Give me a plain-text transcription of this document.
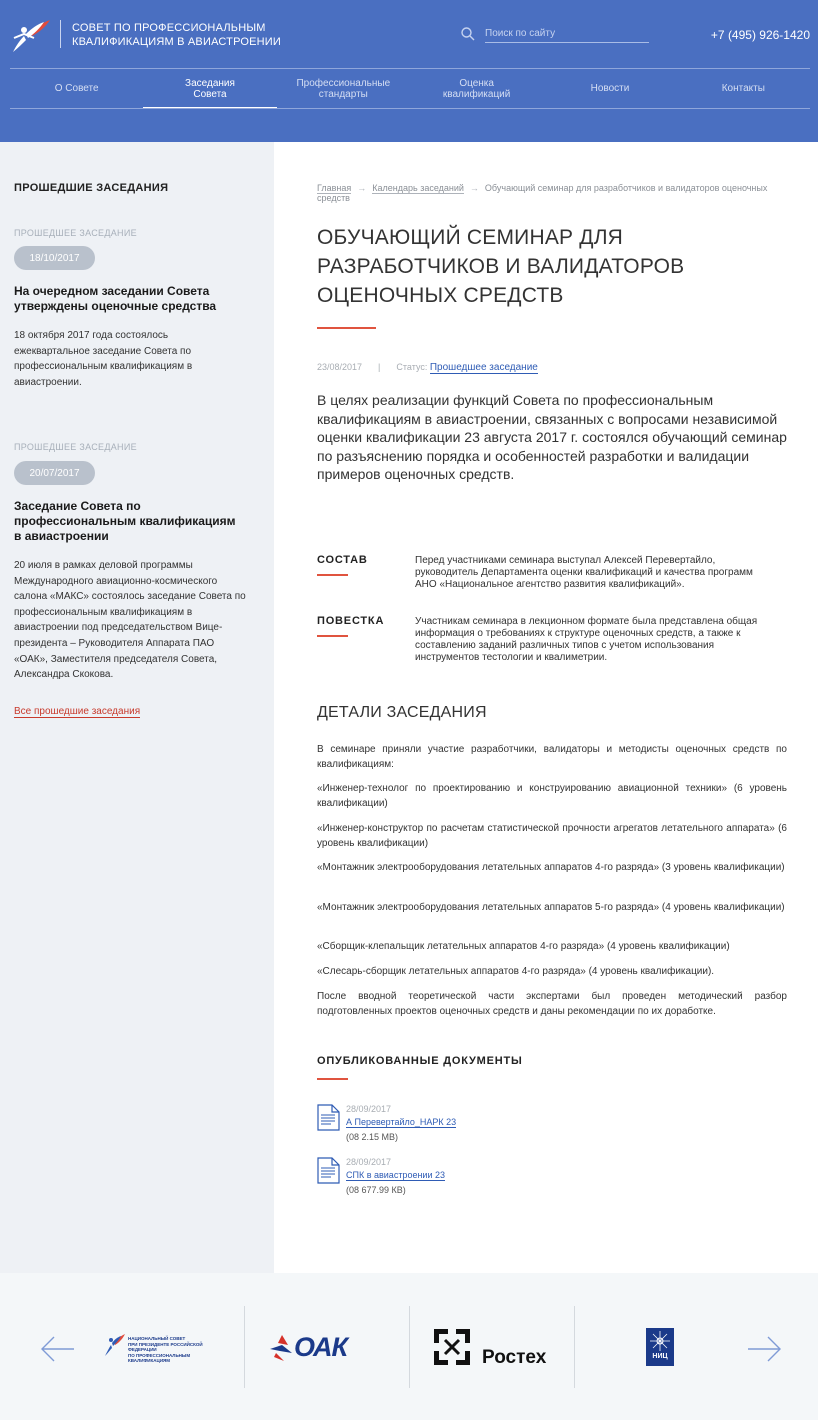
СОВЕТ ПО ПРОФЕССИОНАЛЬНЫМ
КВАЛИФИКАЦИЯМ В АВИАСТРОЕНИИ
Поиск по сайту	+7 (495) 926-1420
О Совете	Заседания
Совета
Профессиональные
стандарты
Оценка
квалификаций	Новости	Контакты
ПРОШЕДШИЕ ЗАСЕДАНИЯ
ПРОШЕДШЕЕ ЗАСЕДАНИЕ
18/10/2017
На очередном заседании Совета утверждены оценочные средства
18 октября 2017 года состоялось ежеквартальное заседание Совета по профессиональным квалификациям в авиастроении.
ПРОШЕДШЕЕ ЗАСЕДАНИЕ
20/07/2017
Заседание Совета по профессиональным квалификациям в авиастроении
20 июля в рамках деловой программы Международного авиационно-космического салона «МАКС» состоялось заседание Совета по профессиональным квалификациям в авиастроении под председательством Вице-президента – Руководителя Аппарата ПАО «ОАК», Заместителя председателя Совета, Александра Скокова.
Все прошедшие заседания
Главная → Календарь заседаний → Обучающий семинар для разработчиков и валидаторов оценочных средств
ОБУЧАЮЩИЙ СЕМИНАР ДЛЯ
РАЗРАБОТЧИКОВ И ВАЛИДАТОРОВ
ОЦЕНОЧНЫХ СРЕДСТВ
23/08/2017 | Статус: Прошедшее заседание
В целях реализации функций Совета по профессиональным квалификациям в авиастроении, связанных с вопросами независимой оценки квалификации 23 августа 2017 г. состоялся обучающий семинар по разъяснению порядка и особенностей разработки и валидации примеров оценочных средств.
СОСТАВ	Перед участниками семинара выступал Алексей Перевертайло, руководитель Департамента оценки квалификаций и качества программ АНО «Национальное агентство развития квалификаций».
ПОВЕСТКА	Участникам семинара в лекционном формате была представлена общая информация о требованиях к структуре оценочных средств, а также к составлению заданий различных типов с учетом использования инструментов тестологии и квалиметрии.
ДЕТАЛИ ЗАСЕДАНИЯ
В семинаре приняли участие разработчики, валидаторы и методисты оценочных средств по квалификациям:
«Инженер-технолог по проектированию и конструированию авиационной техники» (6 уровень квалификации)
«Инженер-конструктор по расчетам статистической прочности агрегатов летательного аппарата» (6 уровень квалификации)
«Монтажник электрооборудования летательных аппаратов 4-го разряда» (3 уровень квалификации)
«Монтажник электрооборудования летательных аппаратов 5-го разряда» (4 уровень квалификации)
«Сборщик-клепальщик летательных аппаратов 4-го разряда» (4 уровень квалификации)
«Слесарь-сборщик летательных аппаратов 4-го разряда» (4 уровень квалификации).
После вводной теоретической части экспертами был проведен методический разбор подготовленных проектов оценочных средств и даны рекомендации по их доработке.
ОПУБЛИКОВАННЫЕ ДОКУМЕНТЫ
28/09/2017
А Перевертайло_НАРК 23
(08 2.15 МВ)
28/09/2017
СПК в авиастроении 23
(08 677.99 КВ)
НАЦИОНАЛЬНЫЙ СОВЕТ
ПРИ ПРЕЗИДЕНТЕ РОССИЙСКОЙ ФЕДЕРАЦИИ
ПО ПРОФЕССИОНАЛЬНЫМ КВАЛИФИКАЦИЯМ	ОАК	Ростех	НИЦ
